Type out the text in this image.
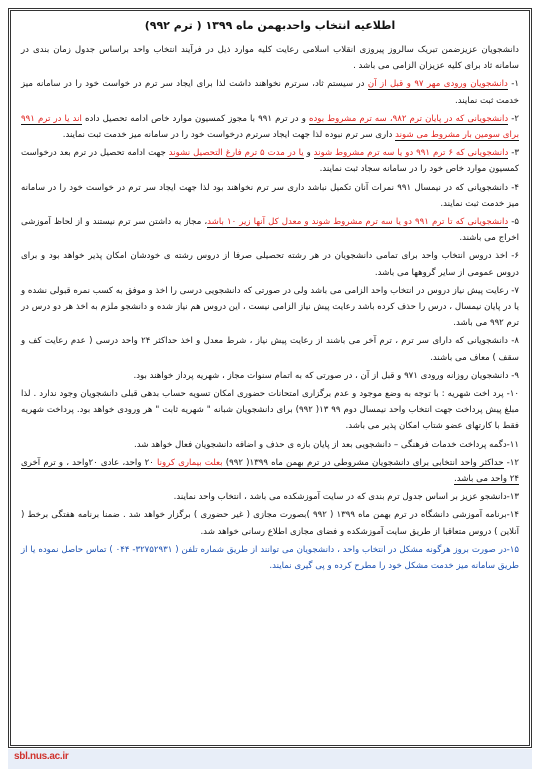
اطلاعیه انتخاب واحدبهمن ماه ۱۳۹۹ ( ترم ۹۹۲)
دانشجویان عزیزضمن تبریک سالروز پیروزی انقلاب اسلامی رعایت کلیه موارد ذیل در فرآیند انتخاب واحد براساس جدول زمان بندی در سامانه ثاد برای کلیه عزیزان الزامی می باشد .
۱- دانشجویان ورودی مهر ۹۷ و قبل از آن در سیستم ثاد، سرترم نخواهند داشت لذا برای ایجاد سر ترم در خواست خود را در سامانه میز خدمت ثبت نمایند.
۲- دانشجویانی که در پایان ترم ۹۸۲، سه ترم مشروط بوده و در ترم ۹۹۱ با مجوز کمسیون موارد خاص ادامه تحصیل داده اند یا در ترم ۹۹۱ برای سومین بار مشروط می شوند داری سر ترم نبوده لذا جهت ایجاد سرترم درخواست خود را در سامانه میز خدمت ثبت نمایند.
۳- دانشجویانی که ۶ ترم ۹۹۱ دو یا سه ترم مشروط شوند و یا در مدت ۵ ترم فارغ التحصیل نشوند جهت ادامه تحصیل در ترم بعد درخواست کمسیون موارد خاص خود را در سامانه سجاد ثبت نمایند.
۴- دانشجویانی که در نیمسال ۹۹۱ نمرات آنان تکمیل نباشد داری سر ترم نخواهند بود لذا جهت ایجاد سر ترم در خواست خود را در سامانه میز خدمت ثبت نمایند.
۵- دانشجویانی که تا ترم ۹۹۱ دو یا سه ترم مشروط شوند و معدل کل آنها زیر ۱۰ باشد، مجاز به داشتن سر ترم نیستند و از لحاظ آموزشی اخراج می باشند.
۶- اخذ دروس انتخاب واحد برای تمامی دانشجویان در هر رشته تحصیلی صرفا از دروس رشته ی خودشان امکان پذیر خواهد بود و برای دروس عمومی از سایر گروهها می باشد.
۷- رعایت پیش نیاز دروس در انتخاب واحد الزامی می باشد ولی در صورتی که دانشجویی درسی را اخذ و موفق به کسب نمره قبولی نشده و یا در پایان نیمسال ، درس را حذف کرده باشد رعایت پیش نیاز الزامی نیست ، این دروس هم نیاز شده و دانشجو ملزم به اخذ هر دو درس در ترم ۹۹۲ می باشد.
۸- دانشجویانی که دارای سر ترم ، ترم آخر می باشند از رعایت پیش نیاز ، شرط معدل و اخذ حداکثر ۲۴ واحد درسی ( عدم رعایت کف و سقف ) معاف می باشند.
۹- دانشجویان روزانه ورودی ۹۷۱ و قبل از آن ، در صورتی که به اتمام سنوات مجاز ، شهریه پرداز خواهند بود.
۱۰- پرد اخت شهریه : با توجه به وضع موجود و عدم برگزاری امتحانات حضوری امکان تسویه حساب بدهی قبلی دانشجویان وجود ندارد . لذا مبلغ پیش پرداخت جهت انتخاب واحد نیمسال دوم ۹۹ ۱۳( ۹۹۲) برای دانشجویان شبانه " شهریه ثابت " هر ورودی خواهد بود. پرداخت شهریه فقط با کارتهای عضو شتاب امکان پذیر می باشد.
۱۱-دگمه پرداخت خدمات فرهنگی – دانشجویی بعد از پایان بازه ی حذف و اضافه دانشجویان فعال خواهد شد.
۱۲- حداکثر واحد انتخابی برای دانشجویان مشروطی در ترم بهمن ماه ۱۳۹۹( ۹۹۲) بعلت بیماری کرونا ۲۰ واحد، عادی ۲۰واحد ، و ترم آخری ۲۴ واحد می باشد.
۱۳-دانشجو عزیز بر اساس جدول ترم بندی که در سایت آموزشکده می باشد ، انتخاب واحد نمایند.
۱۴-برنامه آموزشی دانشگاه در ترم بهمن ماه ۱۳۹۹ ( ۹۹۲ )بصورت مجازی ( غیر حضوری ) برگزار خواهد شد . ضمنا برنامه هفتگی برخط ( آنلاین ) دروس متعاقبا از طریق سایت آموزشکده و فضای مجازی اطلاع رسانی خواهد شد.
۱۵-در صورت بروز هرگونه مشکل در انتخاب واحد ، دانشجویان می توانند از طریق شماره تلفن ( ۳۲۷۵۲۹۳۱- ۰۴۴ ) تماس حاصل نموده یا از طریق سامانه میز خدمت مشکل خود را مطرح کرده و پی گیری نمایند.
sbl.nus.ac.ir
